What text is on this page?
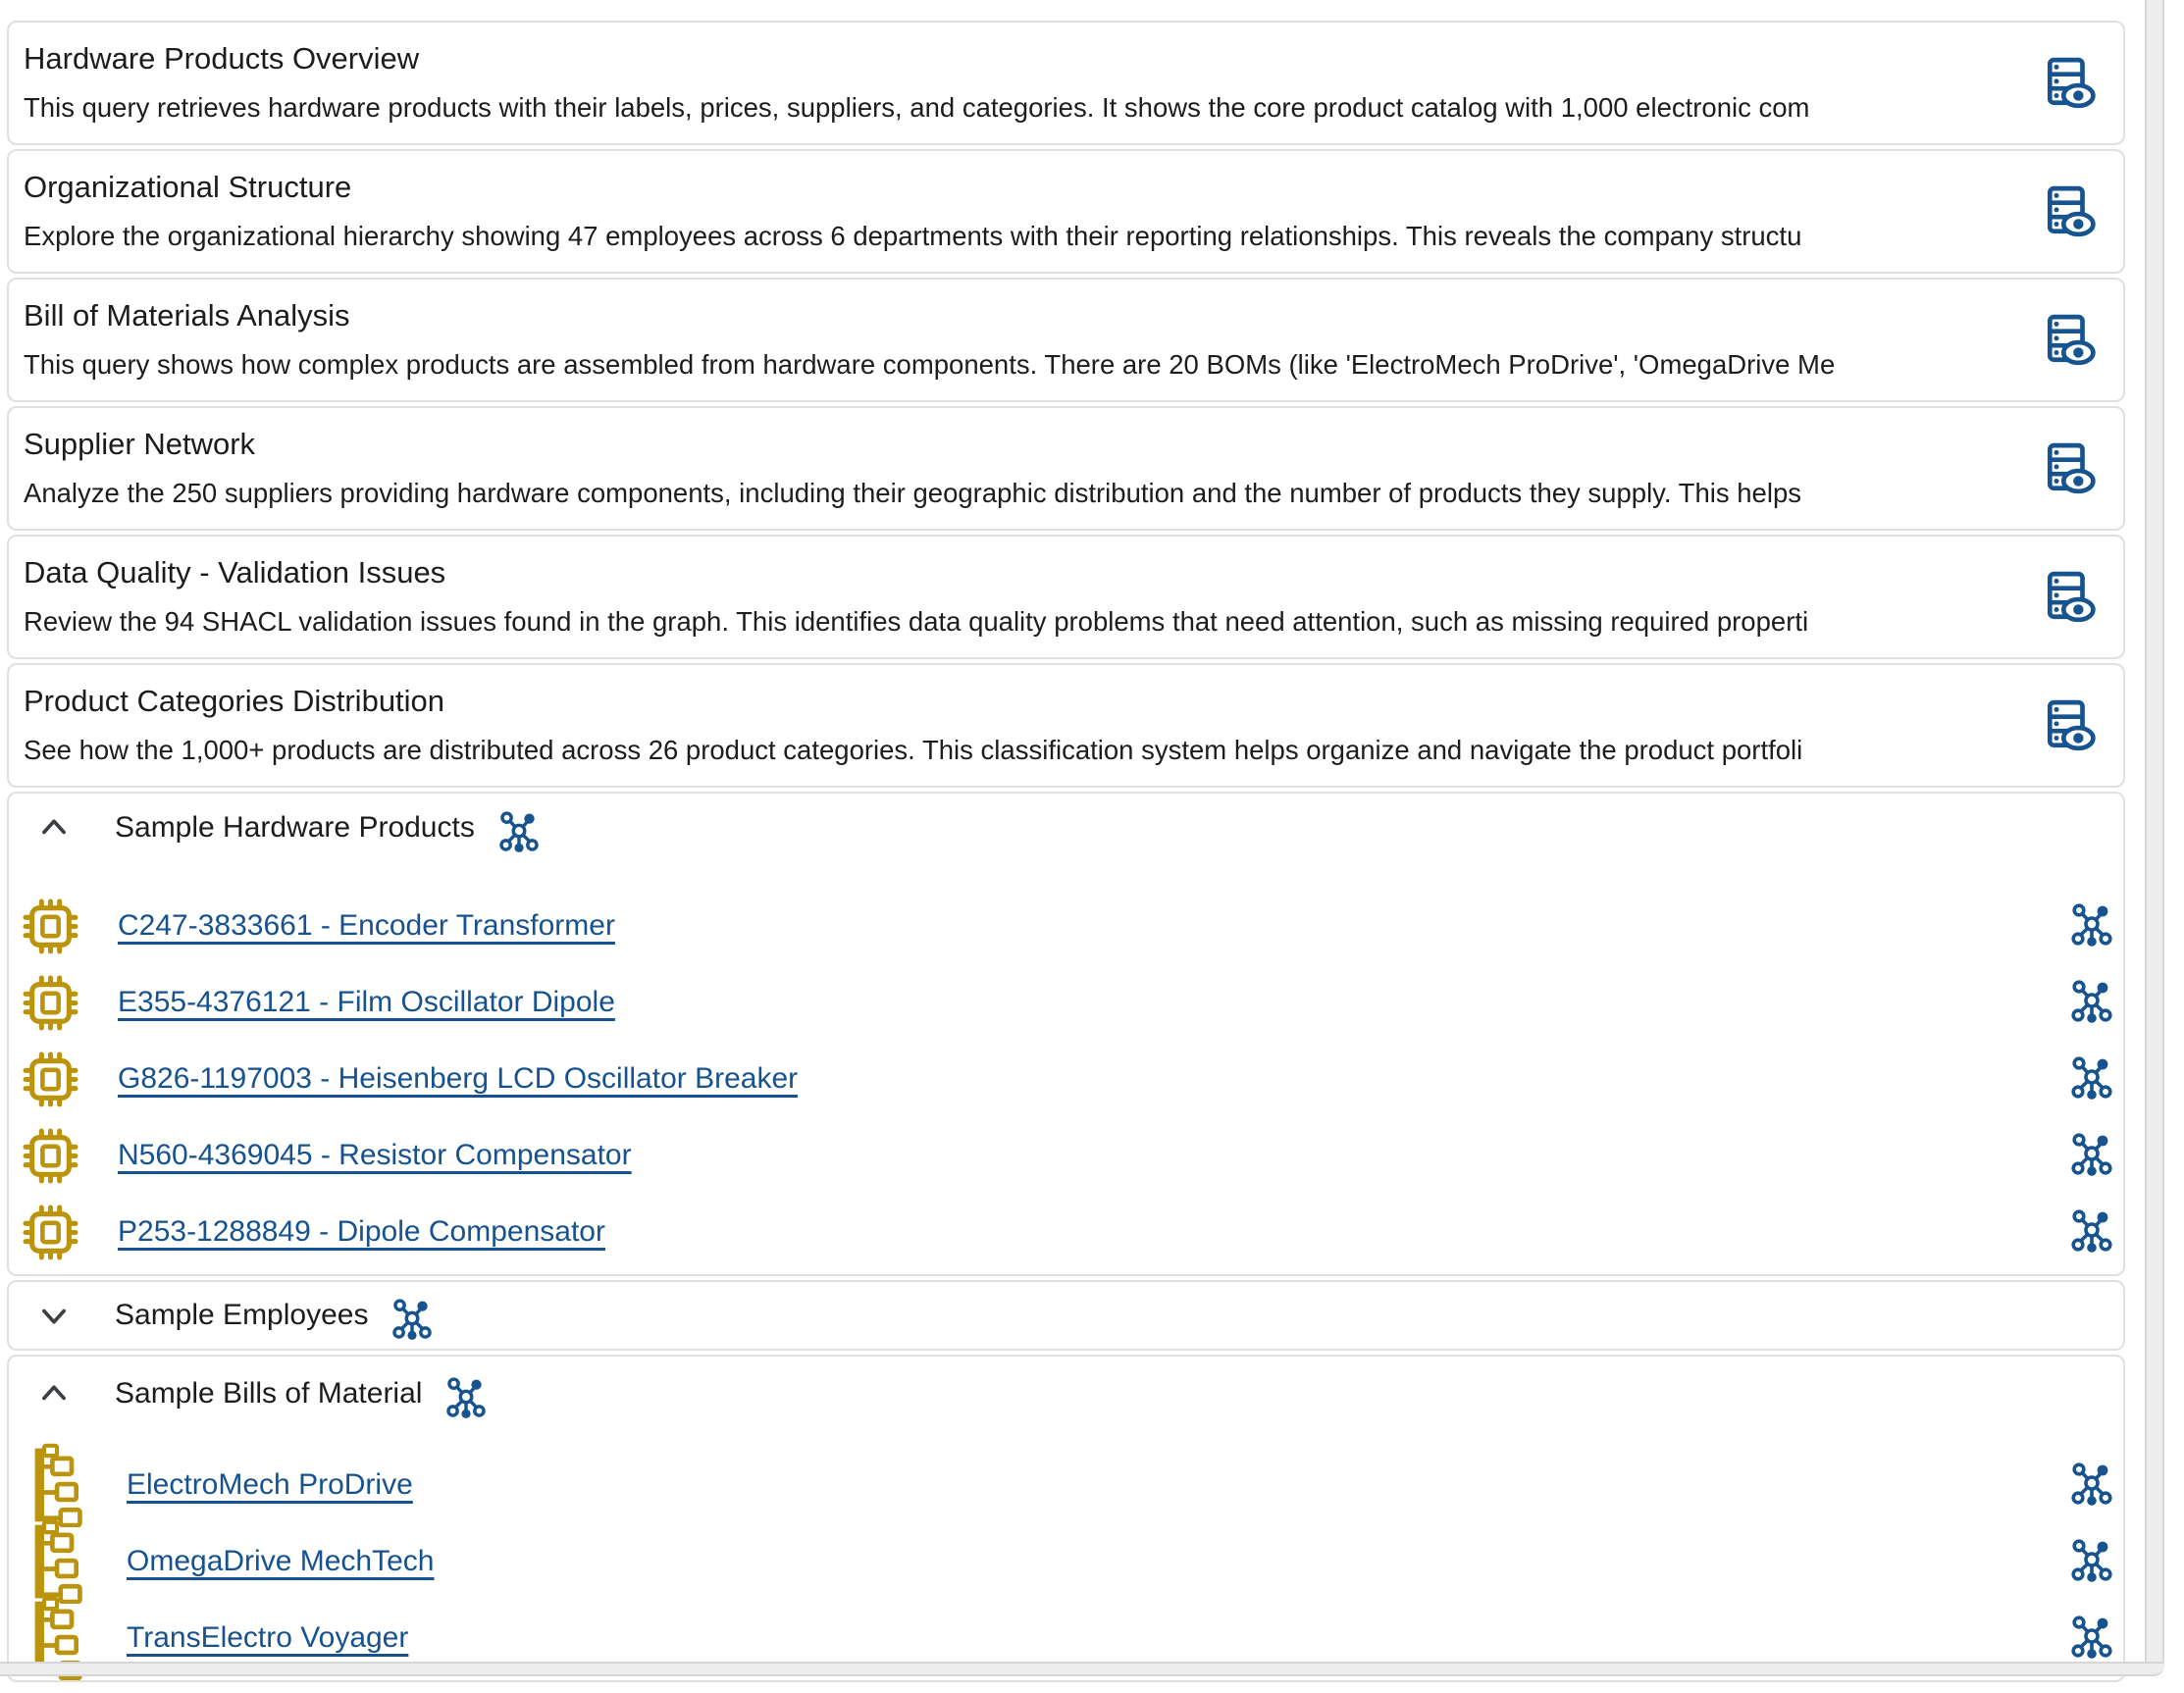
Hardware Products Overview
This query retrieves hardware products with their labels, prices, suppliers, and categories. It shows the core product catalog with 1,000 electronic com
Organizational Structure
Explore the organizational hierarchy showing 47 employees across 6 departments with their reporting relationships. This reveals the company structu
Bill of Materials Analysis
This query shows how complex products are assembled from hardware components. There are 20 BOMs (like 'ElectroMech ProDrive', 'OmegaDrive Me
Supplier Network
Analyze the 250 suppliers providing hardware components, including their geographic distribution and the number of products they supply. This helps
Data Quality - Validation Issues
Review the 94 SHACL validation issues found in the graph. This identifies data quality problems that need attention, such as missing required properti
Product Categories Distribution
See how the 1,000+ products are distributed across 26 product categories. This classification system helps organize and navigate the product portfoli
Sample Hardware Products
C247-3833661 - Encoder Transformer
E355-4376121 - Film Oscillator Dipole
G826-1197003 - Heisenberg LCD Oscillator Breaker
N560-4369045 - Resistor Compensator
P253-1288849 - Dipole Compensator
Sample Employees
Sample Bills of Material
ElectroMech ProDrive
OmegaDrive MechTech
TransElectro Voyager
